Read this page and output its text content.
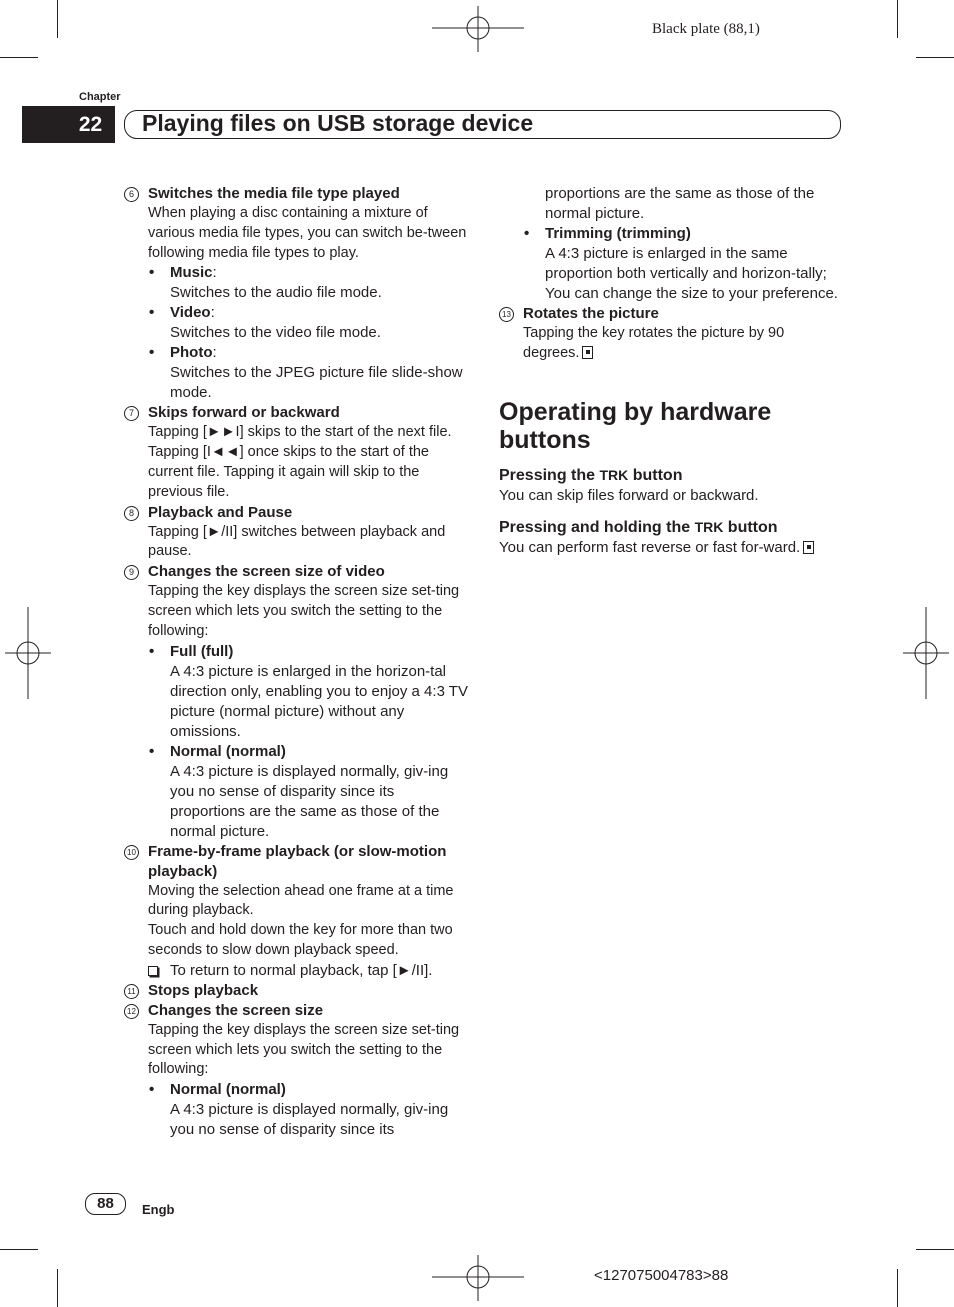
Black plate (88,1)
Chapter
22 Playing files on USB storage device
6 Switches the media file type played
When playing a disc containing a mixture of various media file types, you can switch be-tween following media file types to play.
• Music:
Switches to the audio file mode.
• Video:
Switches to the video file mode.
• Photo:
Switches to the JPEG picture file slide-show mode.
7 Skips forward or backward
Tapping [►►I] skips to the start of the next file. Tapping [I◄◄] once skips to the start of the current file. Tapping it again will skip to the previous file.
8 Playback and Pause
Tapping [►/II] switches between playback and pause.
9 Changes the screen size of video
Tapping the key displays the screen size set-ting screen which lets you switch the setting to the following:
• Full (full)
A 4:3 picture is enlarged in the horizon-tal direction only, enabling you to enjoy a 4:3 TV picture (normal picture) without any omissions.
• Normal (normal)
A 4:3 picture is displayed normally, giv-ing you no sense of disparity since its proportions are the same as those of the normal picture.
10 Frame-by-frame playback (or slow-motion playback)
Moving the selection ahead one frame at a time during playback.
Touch and hold down the key for more than two seconds to slow down playback speed.
To return to normal playback, tap [►/II].
11 Stops playback
12 Changes the screen size
Tapping the key displays the screen size set-ting screen which lets you switch the setting to the following:
• Normal (normal)
A 4:3 picture is displayed normally, giv-ing you no sense of disparity since its
proportions are the same as those of the normal picture.
• Trimming (trimming)
A 4:3 picture is enlarged in the same proportion both vertically and horizon-tally; You can change the size to your preference.
13 Rotates the picture
Tapping the key rotates the picture by 90 degrees.
Operating by hardware buttons
Pressing the TRK button
You can skip files forward or backward.
Pressing and holding the TRK button
You can perform fast reverse or fast for-ward.
88	Engb
<127075004783>88
